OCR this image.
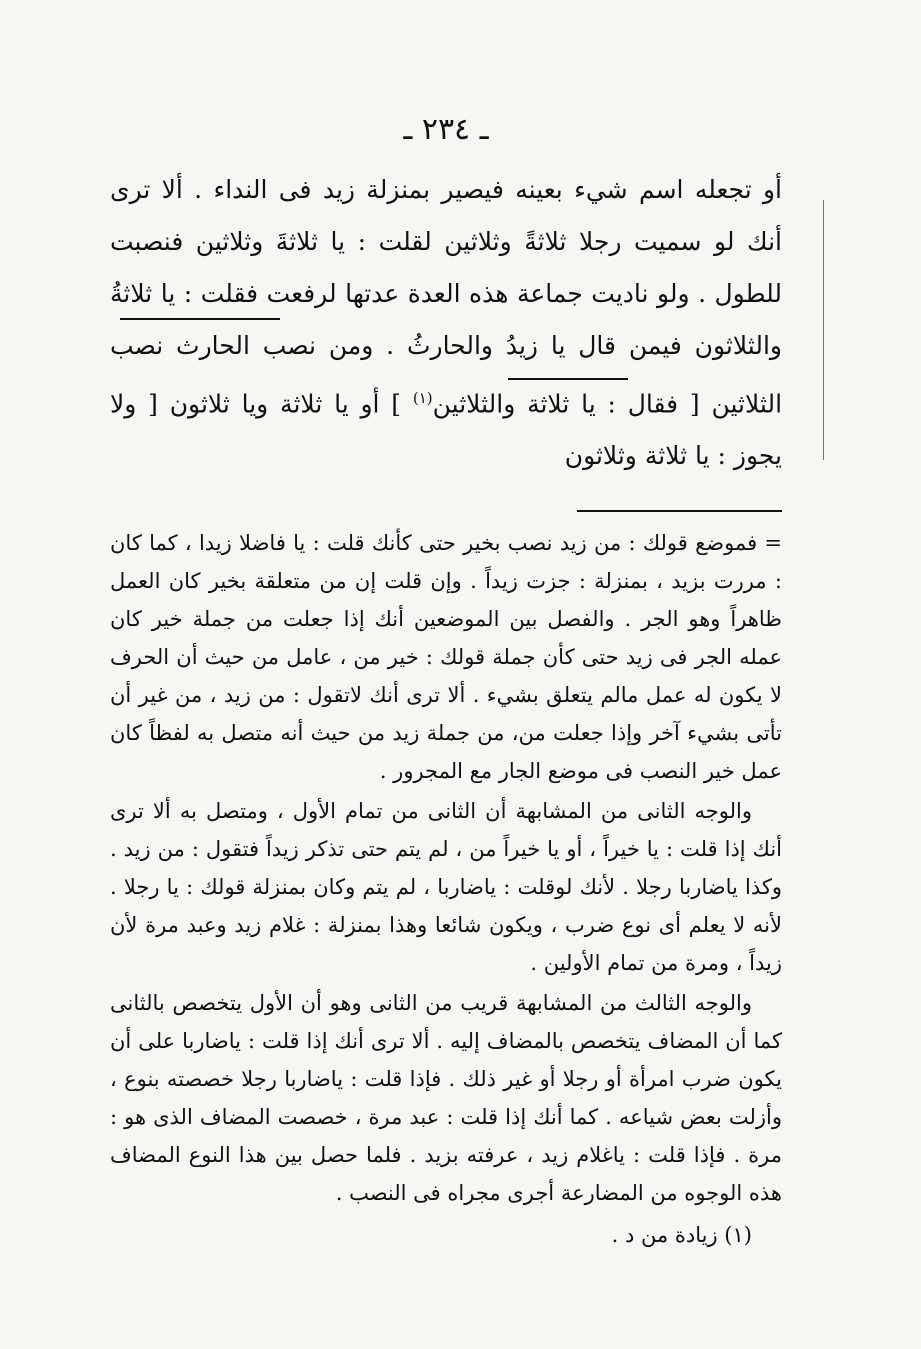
ـ ٢٣٤ ـ

أو تجعله اسم شيء بعينه فيصير بمنزلة زيد فى النداء . ألا ترى أنك لو سميت رجلا ثلاثةً وثلاثين لقلت : يا ثلاثةَ وثلاثين فنصبت للطول . ولو ناديت جماعة هذه العدة عدتها لرفعت فقلت : يا ثلاثةُ والثلاثون فيمن قال يا زيدُ والحارثُ . ومن نصب الحارث نصب الثلاثين [ فقال : يا ثلاثة والثلاثين$^{(١)}$ ] أو يا ثلاثة ويا ثلاثون [ ولا يجوز : يا ثلاثة وثلاثون

= فموضع قولك : من زيد نصب بخير حتى كأنك قلت : يا فاضلا زيدا ، كما كان : مررت بزيد ، بمنزلة : جزت زيداً . وإن قلت إن من متعلقة بخير كان العمل ظاهراً وهو الجر . والفصل بين الموضعين أنك إذا جعلت من جملة خير كان عمله الجر فى زيد حتى كأن جملة قولك : خير من ، عامل من حيث أن الحرف لا يكون له عمل مالم يتعلق بشيء . ألا ترى أنك لاتقول : من زيد ، من غير أن تأتى بشيء آخر وإذا جعلت من، من جملة زيد من حيث أنه متصل به لفظاً كان عمل خير النصب فى موضع الجار مع المجرور .

والوجه الثانى من المشابهة أن الثانى من تمام الأول ، ومتصل به ألا ترى أنك إذا قلت : يا خيراً ، أو يا خيراً من ، لم يتم حتى تذكر زيداً فتقول : من زيد . وكذا ياضاربا رجلا . لأنك لوقلت : ياضاربا ، لم يتم وكان بمنزلة قولك : يا رجلا . لأنه لا يعلم أى نوع ضرب ، ويكون شائعا وهذا بمنزلة : غلام زيد وعبد مرة لأن زيداً ، ومرة من تمام الأولين .

والوجه الثالث من المشابهة قريب من الثانى وهو أن الأول يتخصص بالثانى كما أن المضاف يتخصص بالمضاف إليه . ألا ترى أنك إذا قلت : ياضاربا على أن يكون ضرب امرأة أو رجلا أو غير ذلك . فإذا قلت : ياضاربا رجلا خصصته بنوع ، وأزلت بعض شياعه . كما أنك إذا قلت : عبد مرة ، خصصت المضاف الذى هو : مرة . فإذا قلت : ياغلام زيد ، عرفته بزيد . فلما حصل بين هذا النوع المضاف هذه الوجوه من المضارعة أجرى مجراه فى النصب .

(١) زيادة من د .
